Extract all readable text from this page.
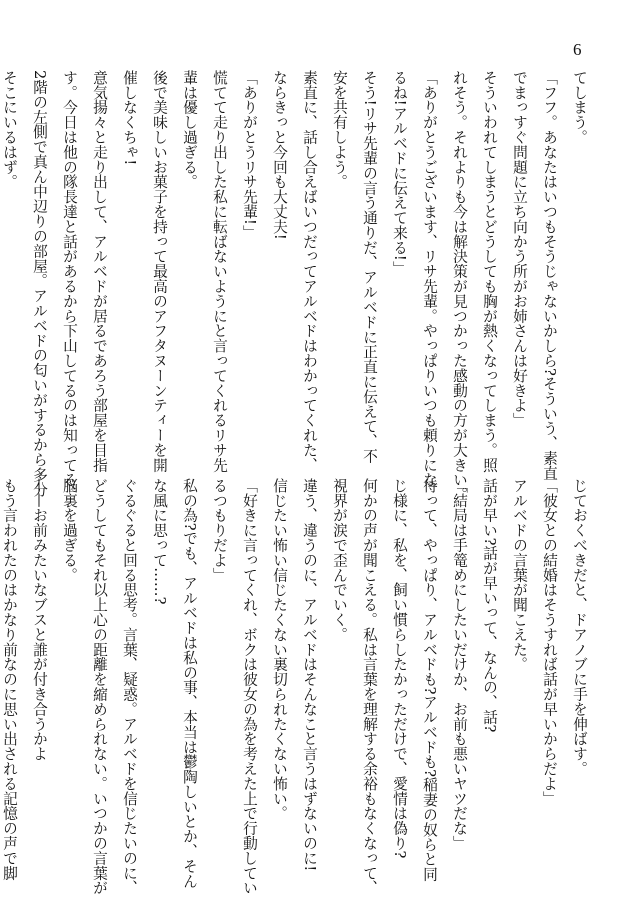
6
てしまう。
「フフ。あなたはいつもそうじゃないかしら?そういう、素直
でまっすぐ問題に立ち向かう所がお姉さんは好きよ」
そういわれてしまうとどうしても胸が熱くなってしまう。照
れそう。それよりも今は解決策が見つかった感動の方が大きい。
「ありがとうございます、リサ先輩。やっぱりいつも頼りにな
るね!アルベドに伝えて来る!」
そう!リサ先輩の言う通りだ、アルベドに正直に伝えて、不
安を共有しよう。
素直に、話し合えばいつだってアルベドはわかってくれた、
ならきっと今回も大丈夫!
「ありがとうリサ先輩!」
慌てて走り出した私に転ばないようにと言ってくれるリサ先
輩は優し過ぎる。
後で美味しいお菓子を持って最高のアフタヌーンティーを開
催しなくちゃ!
意気揚々と走り出して、アルベドが居るであろう部屋を目指
す。今日は他の隊長達と話があるから下山してるのは知ってる。
2階の左側で真ん中辺りの部屋。アルベドの匂いがするから多分
そこにいるはず。
じておくべきだと、ドアノブに手を伸ばす。
「彼女との結婚はそうすれば話が早いからだよ」
アルベドの言葉が聞こえた。
話が早い?話が早いって、なんの、話?
「結局は手篭めにしたいだけか、お前も悪いヤツだな」
待って、やっぱり、アルベドも?アルベドも?稲妻の奴らと同
じ様に、私を、飼い慣らしたかっただけで、愛情は偽り?
何かの声が聞こえる。私は言葉を理解する余裕もなくなって、
視界が涙で歪んでいく。
違う、違うのに、アルベドはそんなこと言うはずないのに!
信じたい怖い信じたくない裏切られたくない怖い。
「好きに言ってくれ、ボクは彼女の為を考えた上で行動してい
るつもりだよ」
私の為?でも、アルベドは私の事、本当は鬱陶しいとか、そん
な風に思って......?
ぐるぐると回る思考。言葉、疑惑。アルベドを信じたいのに、
どうしてもそれ以上心の距離を縮められない。いつかの言葉が
脳裏を過ぎる。
——お前みたいなブスと誰が付き合うかよ
もう言われたのはかなり前なのに思い出される記憶の声で脚
